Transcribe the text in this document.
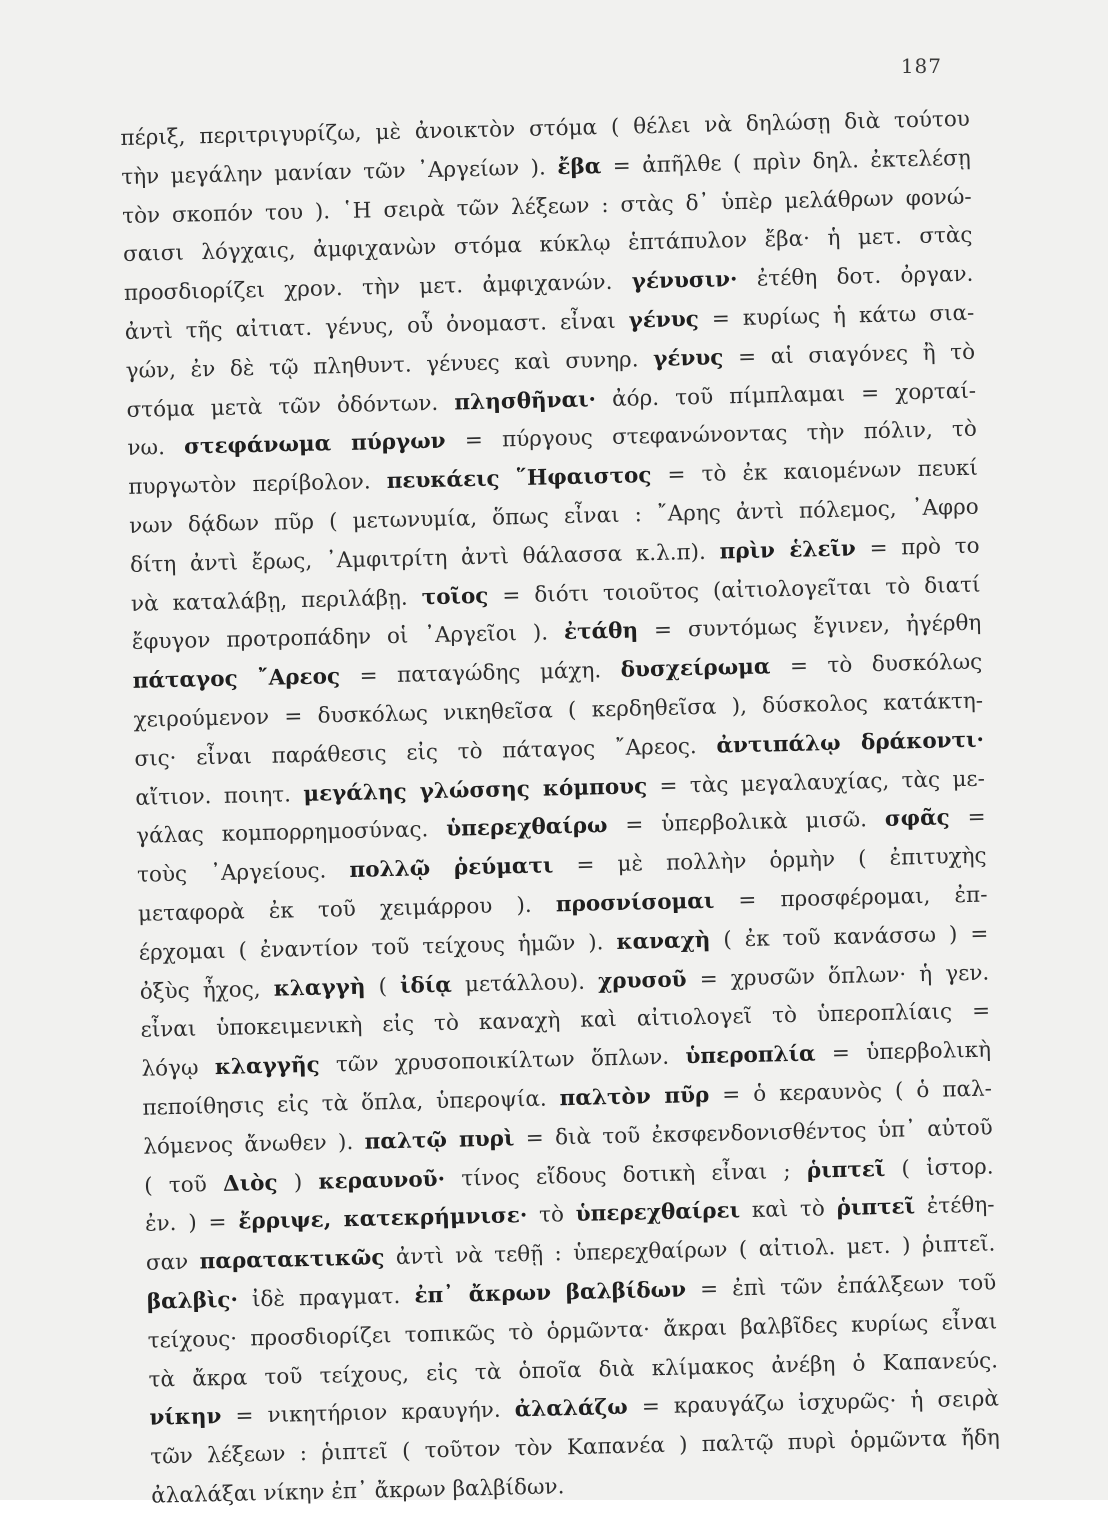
187
πέριξ, περιτριγυρίζω, μὲ ἀνοικτὸν στόμα ( θέλει νὰ δηλώσῃ διὰ τούτου
τὴν μεγάλην μανίαν τῶν ᾿Αργείων ). ἔβα = ἀπῆλθε ( πρὶν δηλ. ἐκτελέσῃ
τὸν σκοπόν του ). ῾Η σειρὰ τῶν λέξεων : στὰς δ᾿ ὑπὲρ μελάθρων φονώ-
σαισι λόγχαις, ἀμφιχανὼν στόμα κύκλῳ ἑπτάπυλον ἔβα· ἡ μετ. στὰς
προσδιορίζει χρον. τὴν μετ. ἀμφιχανών. γένυσιν· ἐτέθη δοτ. ὀργαν.
ἀντὶ τῆς αἰτιατ. γένυς, οὗ ὀνομαστ. εἶναι γένυς = κυρίως ἡ κάτω σια-
γών, ἐν δὲ τῷ πληθυντ. γένυες καὶ συνηρ. γένυς = αἱ σιαγόνες ἢ τὸ
στόμα μετὰ τῶν ὀδόντων. πλησθῆναι· ἀόρ. τοῦ πίμπλαμαι = χορταί-
νω. στεφάνωμα πύργων = πύργους στεφανώνοντας τὴν πόλιν, τὸ
πυργωτὸν περίβολον. πευκάεις ῞Ηφαιστος = τὸ ἐκ καιομένων πευκί
νων δᾴδων πῦρ ( μετωνυμία, ὅπως εἶναι : ῎Αρης ἀντὶ πόλεμος, ᾿Αφρο
δίτη ἀντὶ ἔρως, ᾿Αμφιτρίτη ἀντὶ θάλασσα κ.λ.π). πρὶν ἑλεῖν = πρὸ το
νὰ καταλάβῃ, περιλάβῃ. τοῖος = διότι τοιοῦτος (αἰτιολογεῖται τὸ διατί
ἔφυγον προτροπάδην οἱ ᾿Αργεῖοι ). ἐτάθη = συντόμως ἔγινεν, ἠγέρθη
πάταγος ῎Αρεος = παταγώδης μάχη. δυσχείρωμα = τὸ δυσκόλως
χειρούμενον = δυσκόλως νικηθεῖσα ( κερδηθεῖσα ), δύσκολος κατάκτη-
σις· εἶναι παράθεσις εἰς τὸ πάταγος ῎Αρεος. ἀντιπάλῳ δράκοντι·
αἴτιον. ποιητ. μεγάλης γλώσσης κόμπους = τὰς μεγαλαυχίας, τὰς με-
γάλας κομπορρημοσύνας. ὑπερεχθαίρω = ὑπερβολικὰ μισῶ. σφᾶς =
τοὺς ᾿Αργείους. πολλῷ ῥεύματι = μὲ πολλὴν ὁρμὴν ( ἐπιτυχὴς
μεταφορὰ ἐκ τοῦ χειμάρρου ). προσνίσομαι = προσφέρομαι, ἐπ-
έρχομαι ( ἐναντίον τοῦ τείχους ἡμῶν ). καναχὴ ( ἐκ τοῦ κανάσσω ) =
ὀξὺς ἦχος, κλαγγὴ ( ἰδίᾳ μετάλλου). χρυσοῦ = χρυσῶν ὅπλων· ἡ γεν.
εἶναι ὑποκειμενικὴ εἰς τὸ καναχὴ καὶ αἰτιολογεῖ τὸ ὑπεροπλίαις =
λόγῳ κλαγγῆς τῶν χρυσοποικίλτων ὅπλων. ὑπεροπλία = ὑπερβολικὴ
πεποίθησις εἰς τὰ ὅπλα, ὑπεροψία. παλτὸν πῦρ = ὁ κεραυνὸς ( ὁ παλ-
λόμενος ἄνωθεν ). παλτῷ πυρὶ = διὰ τοῦ ἐκσφενδονισθέντος ὑπ᾿ αὐτοῦ
( τοῦ Διὸς ) κεραυνοῦ· τίνος εἴδους δοτικὴ εἶναι ; ῥιπτεῖ ( ἱστορ.
ἐν. ) = ἔρριψε, κατεκρήμνισε· τὸ ὑπερεχθαίρει καὶ τὸ ῥιπτεῖ ἐτέθη-
σαν παρατακτικῶς ἀντὶ νὰ τεθῇ : ὑπερεχθαίρων ( αἰτιολ. μετ. ) ῥιπτεῖ.
βαλβὶς· ἰδὲ πραγματ. ἐπ᾿ ἄκρων βαλβίδων = ἐπὶ τῶν ἐπάλξεων τοῦ
τείχους· προσδιορίζει τοπικῶς τὸ ὁρμῶντα· ἄκραι βαλβῖδες κυρίως εἶναι
τὰ ἄκρα τοῦ τείχους, εἰς τὰ ὁποῖα διὰ κλίμακος ἀνέβη ὁ Καπανεύς.
νίκην = νικητήριον κραυγήν. ἀλαλάζω = κραυγάζω ἰσχυρῶς· ἡ σειρὰ
τῶν λέξεων : ῥιπτεῖ ( τοῦτον τὸν Καπανέα ) παλτῷ πυρὶ ὁρμῶντα ἤδη
ἀλαλάξαι νίκην ἐπ᾿ ἄκρων βαλβίδων.
